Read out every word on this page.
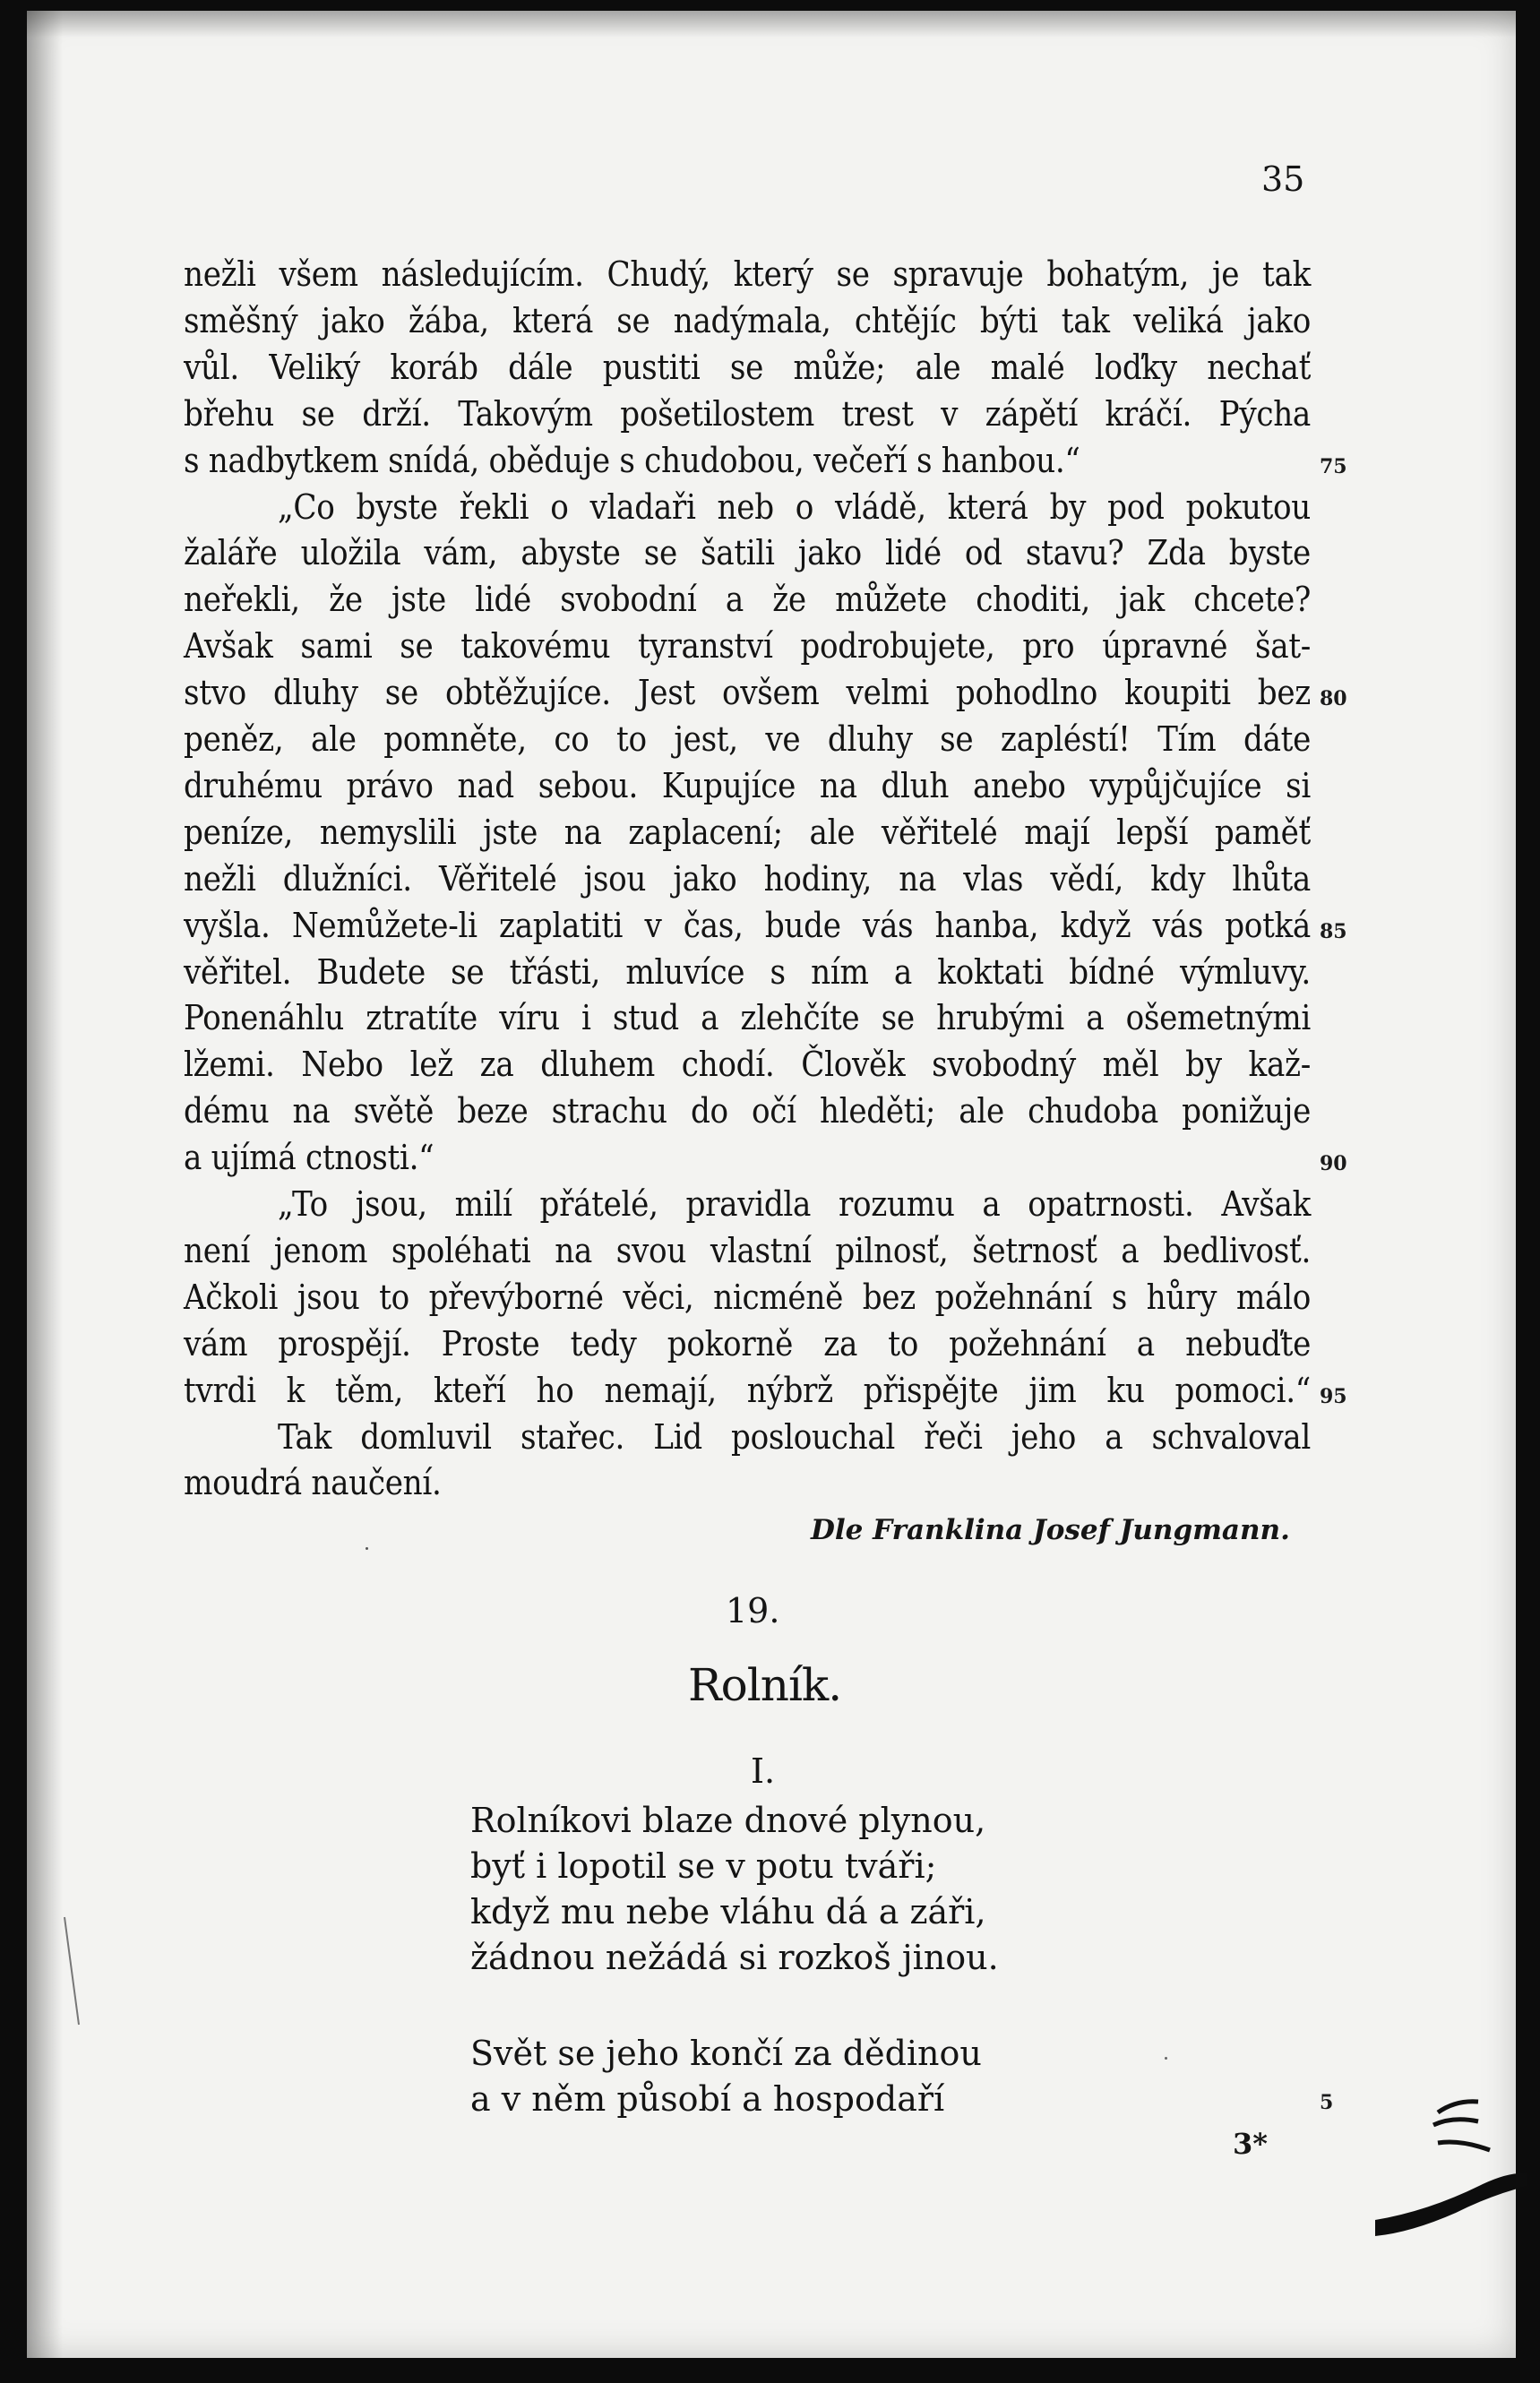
35
nežli všem následujícím. Chudý, který se spravuje bohatým, je tak
směšný jako žába, která se nadýmala, chtějíc býti tak veliká jako
vůl. Veliký koráb dále pustiti se může; ale malé loďky nechať
břehu se drží. Takovým pošetilostem trest v zápětí kráčí. Pýcha
s nadbytkem snídá, oběduje s chudobou, večeří s hanbou.“	75
„Co byste řekli o vladaři neb o vládě, která by pod pokutou
žaláře uložila vám, abyste se šatili jako lidé od stavu? Zda byste
neřekli, že jste lidé svobodní a že můžete choditi, jak chcete?
Avšak sami se takovému tyranství podrobujete, pro úpravné šat-
stvo dluhy se obtěžujíce. Jest ovšem velmi pohodlno koupiti bez 80
peněz, ale pomněte, co to jest, ve dluhy se zapléstí! Tím dáte
druhému právo nad sebou. Kupujíce na dluh anebo vypůjčujíce si
peníze, nemyslili jste na zaplacení; ale věřitelé mají lepší paměť
nežli dlužníci. Věřitelé jsou jako hodiny, na vlas vědí, kdy lhůta
vyšla. Nemůžete-li zaplatiti v čas, bude vás hanba, když vás potká 85
věřitel. Budete se třásti, mluvíce s ním a koktati bídné výmluvy.
Ponenáhlu ztratíte víru i stud a zlehčíte se hrubými a ošemetnými
lžemi. Nebo lež za dluhem chodí. Člověk svobodný měl by kaž-
dému na světě beze strachu do očí hleděti; ale chudoba ponižuje
a ujímá ctnosti.“	90
„To jsou, milí přátelé, pravidla rozumu a opatrnosti. Avšak
není jenom spoléhati na svou vlastní pilnosť, šetrnosť a bedlivosť.
Ačkoli jsou to převýborné věci, nicméně bez požehnání s hůry málo
vám prospějí. Proste tedy pokorně za to požehnání a nebuďte
tvrdi k těm, kteří ho nemají, nýbrž přispějte jim ku pomoci.“ 95
Tak domluvil stařec. Lid poslouchal řeči jeho a schvaloval
moudrá naučení.
Dle Franklina Josef Jungmann.
19.
Rolník.
I.
Rolníkovi blaze dnové plynou,
byť i lopotil se v potu tváři;
když mu nebe vláhu dá a záři,
žádnou nežádá si rozkoš jinou.
Svět se jeho končí za dědinou
a v něm působí a hospodaří	5
3*
